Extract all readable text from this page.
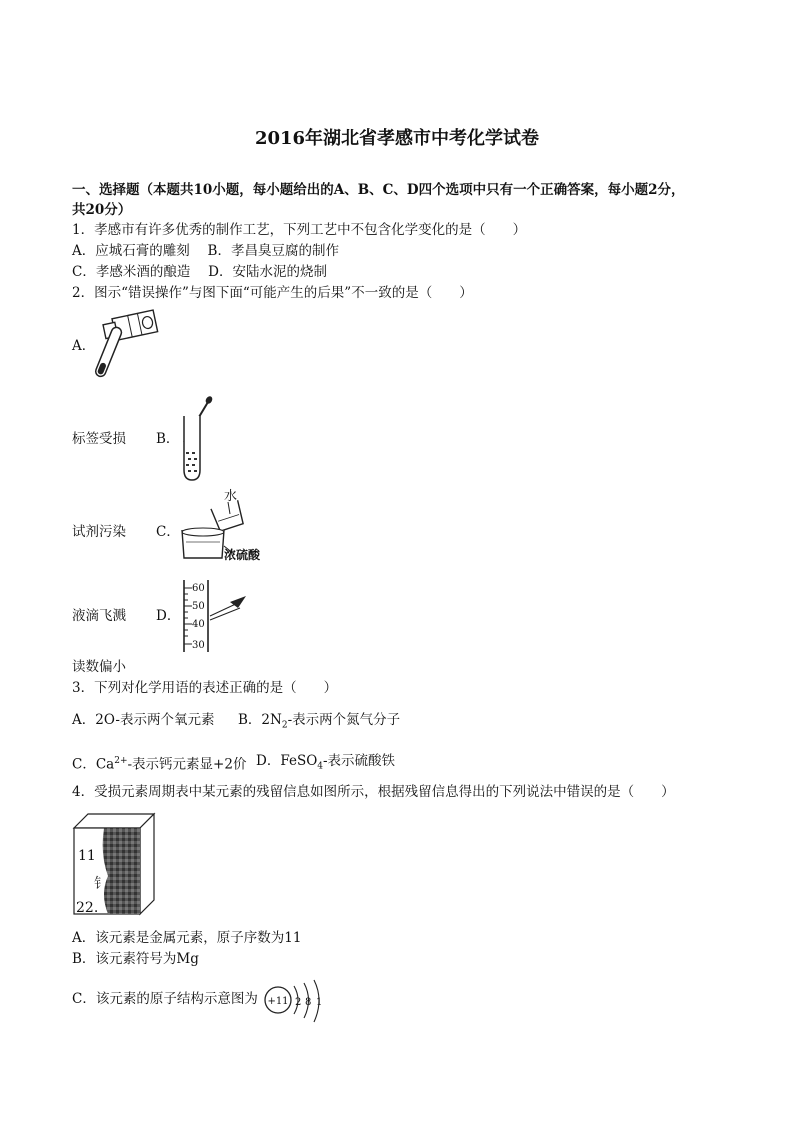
2016年湖北省孝感市中考化学试卷
一、选择题（本题共10小题，每小题给出的A、B、C、D四个选项中只有一个正确答案，每小题2分，
共20分）
1．孝感市有许多优秀的制作工艺，下列工艺中不包含化学变化的是（　　）
A．应城石膏的雕刻　 B．孝昌臭豆腐的制作
C．孝感米酒的酿造　 D．安陆水泥的烧制
2．图示“错误操作”与图下面“可能产生的后果”不一致的是（　　）
A．
标签受损 B．
水
浓硫酸
试剂污染 C．
60
50
40
30
液滴飞溅 D．
读数偏小
3．下列对化学用语的表述正确的是（　　）
A．2O-表示两个氧元素 B．$2N_2-$表示两个氮气分子
C．$Ca^{2+}-$表示钙元素显+2价 D．FeSO$_4$-表示硫酸铁
4．受损元素周期表中某元素的残留信息如图所示，根据残留信息得出的下列说法中错误的是（　　）
11
钅
22.
A．该元素是金属元素，原子序数为11
B．该元素符号为Mg
C．该元素的原子结构示意图为 +11 2 8 1
